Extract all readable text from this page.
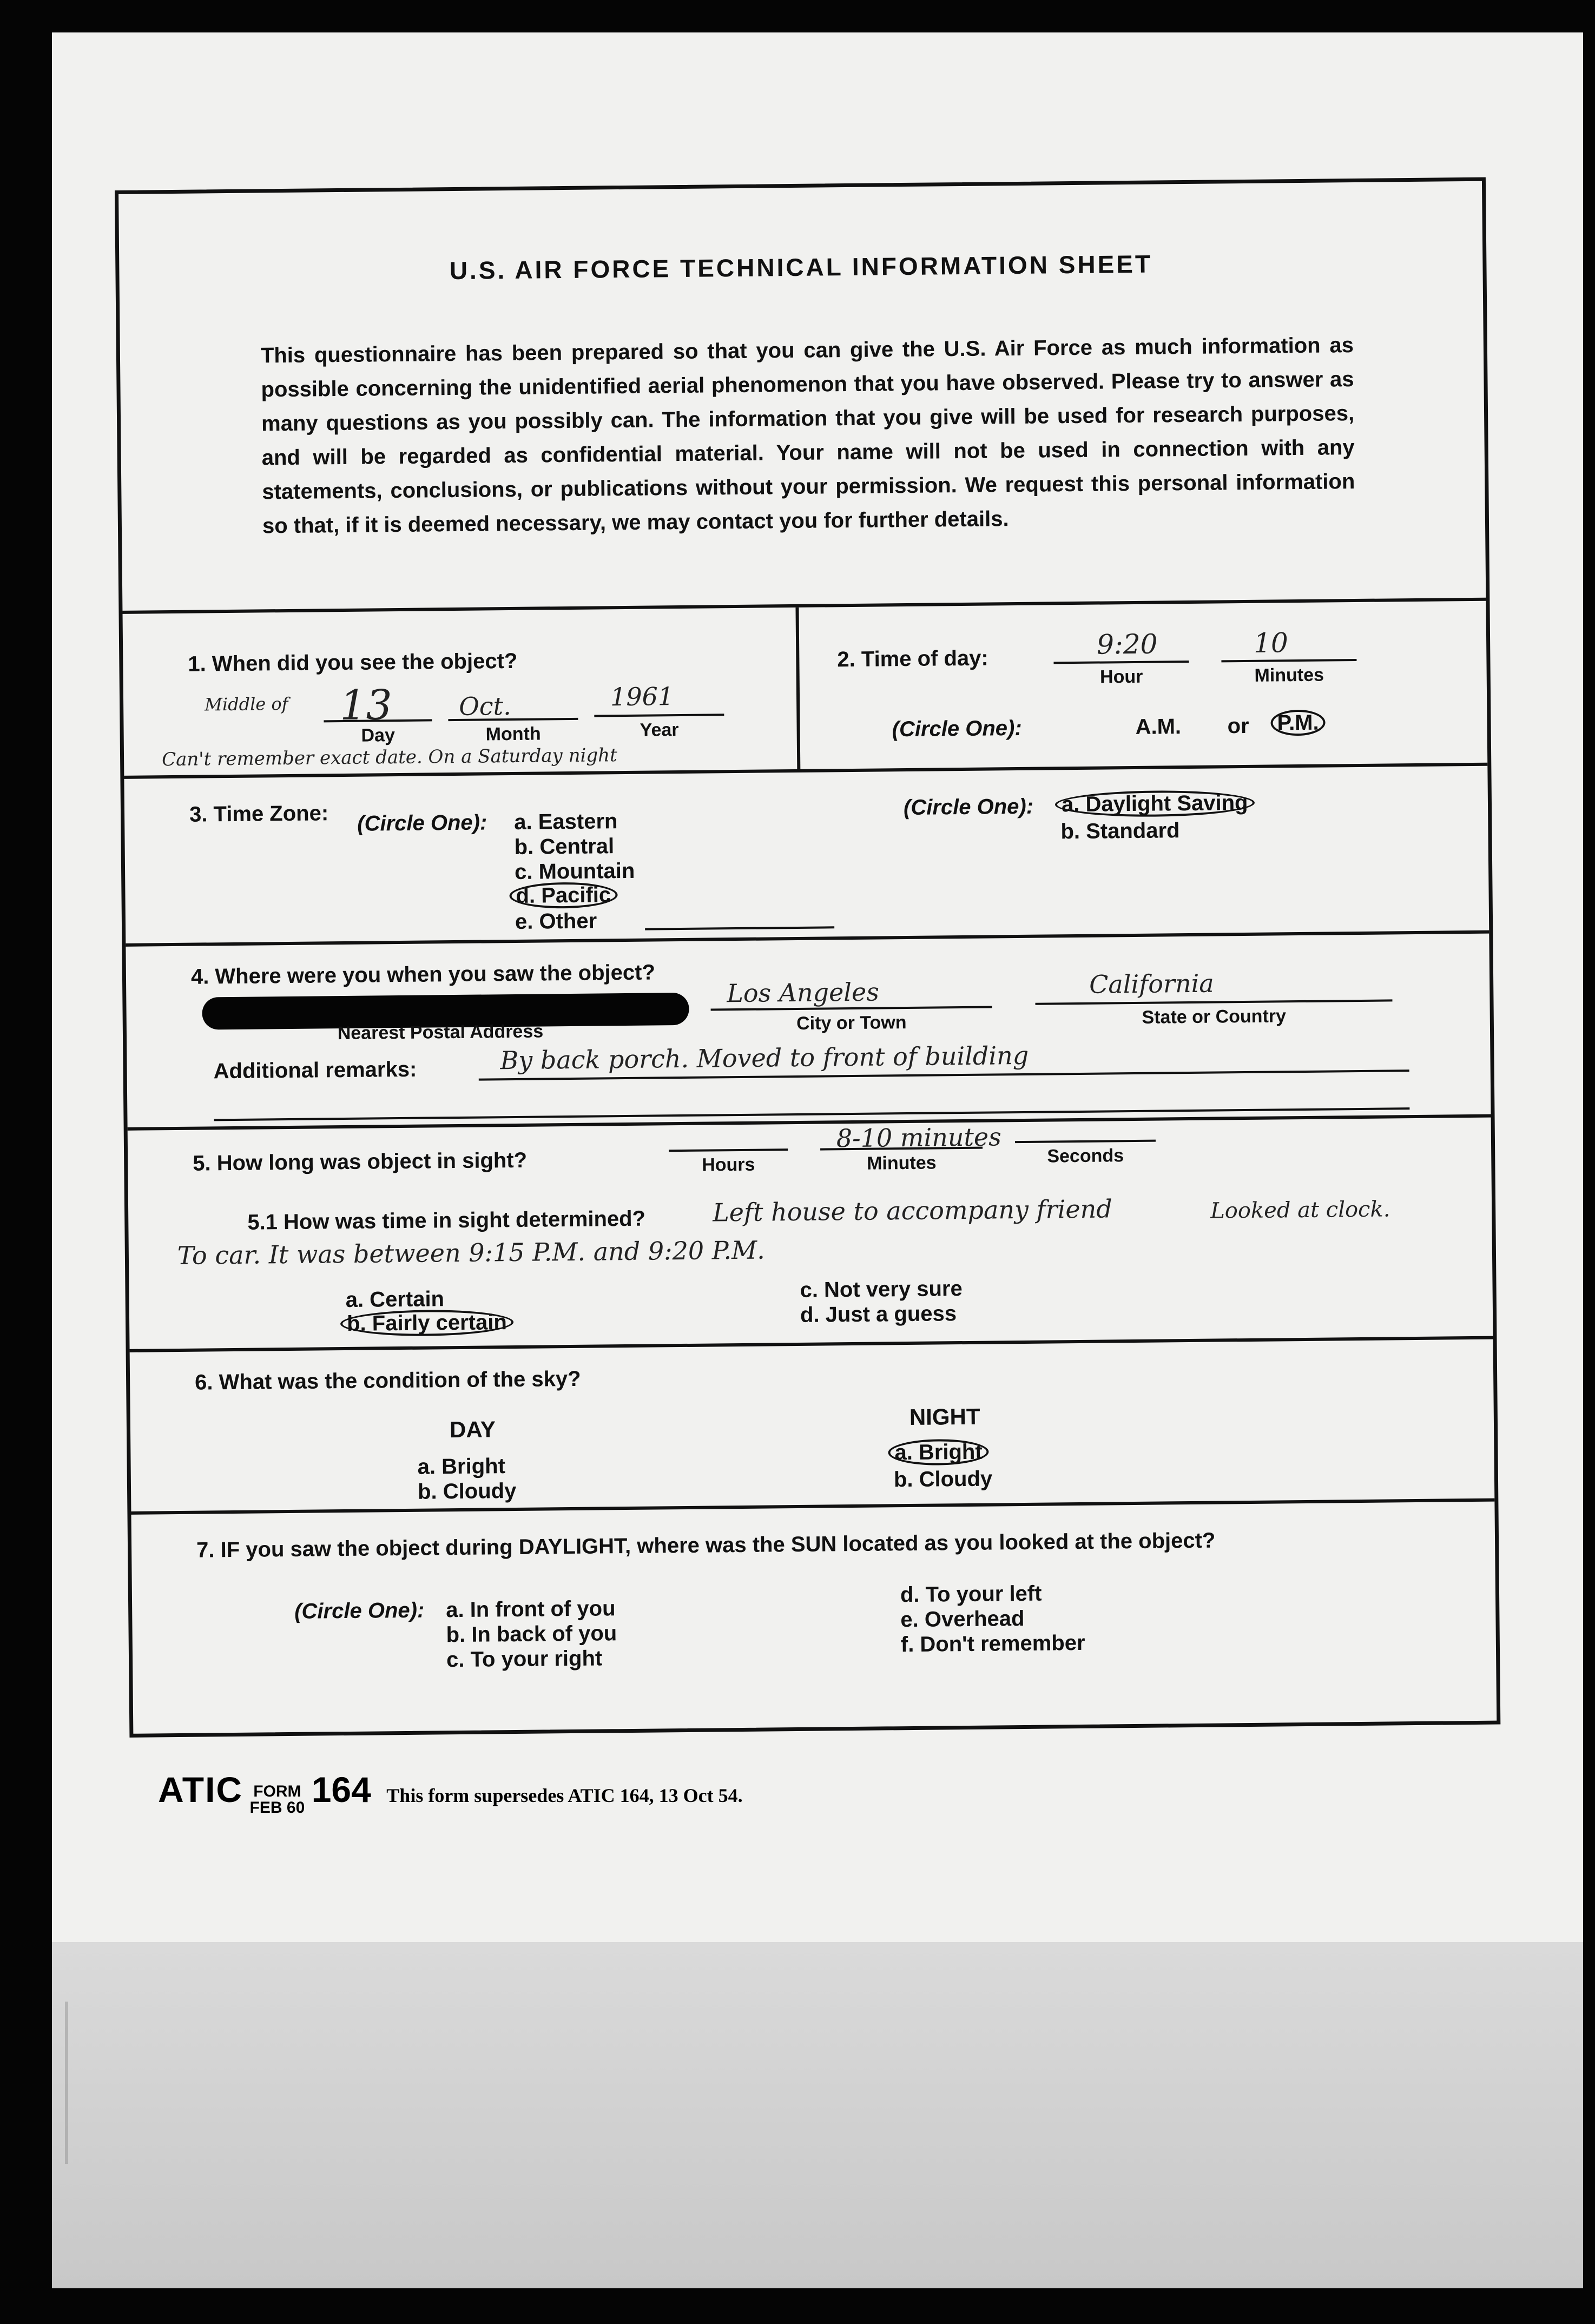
U.S. AIR FORCE TECHNICAL INFORMATION SHEET
This questionnaire has been prepared so that you can give the U.S. Air Force as much information as possible concerning the unidentified aerial phenomenon that you have observed. Please try to answer as many questions as you possibly can. The information that you give will be used for research purposes, and will be regarded as confidential material. Your name will not be used in connection with any statements, conclusions, or publications without your permission. We request this personal information so that, if it is deemed necessary, we may contact you for further details.
1. When did you see the object?
Middle of 13
Day
Oct.
Month
1961
Year
Can't remember exact date. On a Saturday night
2. Time of day:	9:20
Hour
10
Minutes
(Circle One):	A.M. or	P.M.
3. Time Zone: (Circle One): a. Eastern
b. Central
c. Mountain
d. Pacific
e. Other
(Circle One):	a. Daylight Saving
b. Standard
4. Where were you when you saw the object?
Nearest Postal Address
Los Angeles
City or Town
California
State or Country
Additional remarks:	By back porch. Moved to front of building
5. How long was object in sight?	Hours
8-10 minutes
Minutes	Seconds
5.1 How was time in sight determined?	Left house to accompany friend	Looked at clock.
To car. It was between 9:15 P.M. and 9:20 P.M.
a. Certain
b. Fairly certain
c. Not very sure
d. Just a guess
6. What was the condition of the sky?
DAY
a. Bright
b. Cloudy
NIGHT
a. Bright
b. Cloudy
7. IF you saw the object during DAYLIGHT, where was the SUN located as you looked at the object?
(Circle One): a. In front of you
b. In back of you
c. To your right
d. To your left
e. Overhead
f. Don't remember
ATIC FORM
FEB 60 164 This form supersedes ATIC 164, 13 Oct 54.
